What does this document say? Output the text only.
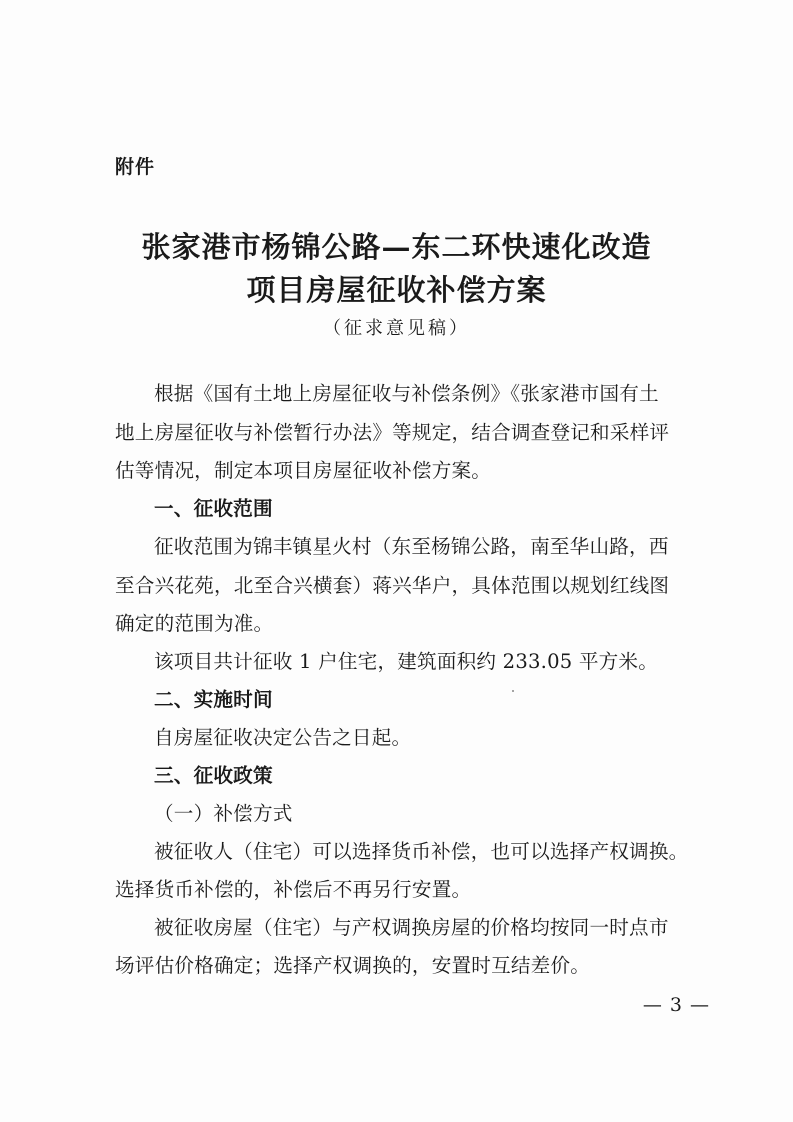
附件
张家港市杨锦公路—东二环快速化改造
项目房屋征收补偿方案
（征求意见稿）
根据《国有土地上房屋征收与补偿条例》《张家港市国有土
地上房屋征收与补偿暂行办法》等规定，结合调查登记和采样评
估等情况，制定本项目房屋征收补偿方案。
一、征收范围
征收范围为锦丰镇星火村（东至杨锦公路，南至华山路，西
至合兴花苑，北至合兴横套）蒋兴华户，具体范围以规划红线图
确定的范围为准。
该项目共计征收 1 户住宅，建筑面积约 233.05 平方米。
二、实施时间
自房屋征收决定公告之日起。
三、征收政策
（一）补偿方式
被征收人（住宅）可以选择货币补偿，也可以选择产权调换。
选择货币补偿的，补偿后不再另行安置。
被征收房屋（住宅）与产权调换房屋的价格均按同一时点市
场评估价格确定；选择产权调换的，安置时互结差价。
— 3 —
